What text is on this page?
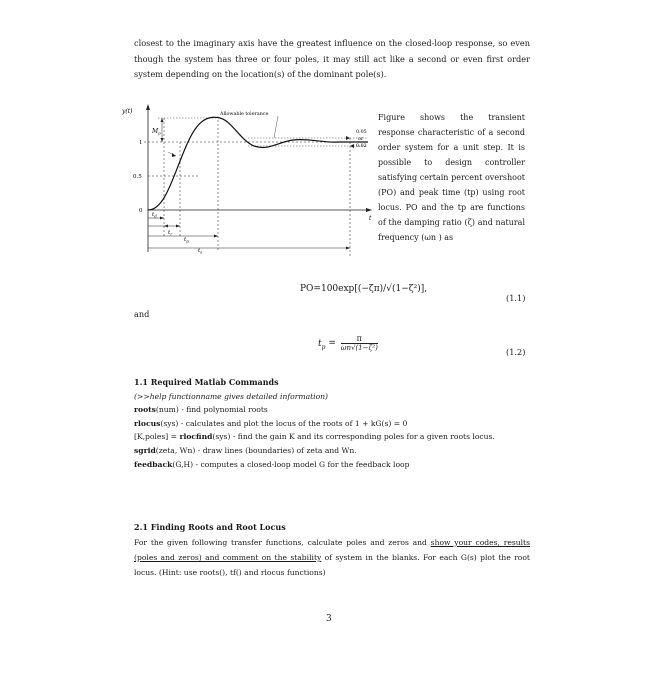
closest to the imaginary axis have the greatest influence on the closed-loop response, so even though the system has three or four poles, it may still act like a second or even first order system depending on the location(s) of the dominant pole(s).
y(t)
t
$M_p$
Allowable tolerance
0.05
or
0.02
1
0.5
0
$t_d$
$t_r$
$t_p$
$t_s$
Figure shows the transient response characteristic of a second order system for a unit step. It is possible to design controller satisfying certain percent overshoot (PO) and peak time (tp) using root locus. PO and the tp are functions of the damping ratio (ζ) and natural frequency (ωn ) as
PO=100exp[(−ζπ)/√(1−ζ²)],
(1.1)
and
$t_p = \frac{\pi}{\text{ωn√(1−ζ²)}}$	(1.2)
1.1 Required Matlab Commands
(>>help functionname gives detailed information)
roots(num) - find polynomial roots
rlocus(sys) - calculates and plot the locus of the roots of 1 + kG(s) = 0
[K,poles] = rlocfind(sys) - find the gain K and its corresponding poles for a given roots locus.
sgrid(zeta, Wn) - draw lines (boundaries) of zeta and Wn.
feedback(G,H) - computes a closed-loop model G for the feedback loop
2.1 Finding Roots and Root Locus
For the given following transfer functions, calculate poles and zeros and show your codes, results (poles and zeros) and comment on the stability of system in the blanks. For each G(s) plot the root locus. (Hint: use roots(), tf() and rlocus functions)
3
